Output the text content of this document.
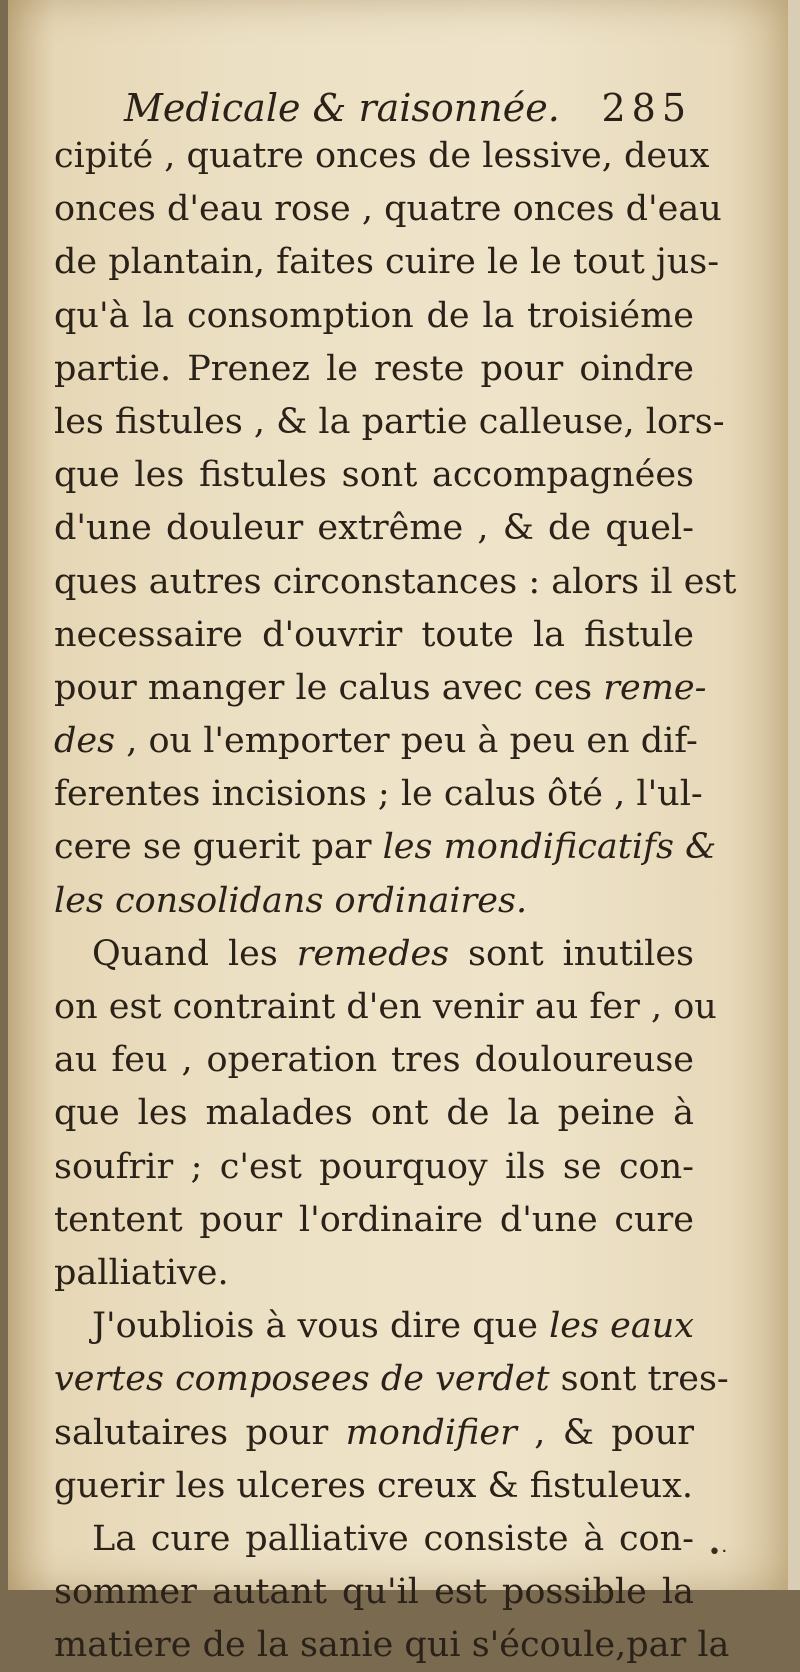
Medicale & raisonnée. 285
cipité , quatre onces de lessive, deux
onces d'eau rose , quatre onces d'eau
de plantain, faites cuire le le tout jus-
qu'à la consomption de la troisiéme
partie. Prenez le reste pour oindre
les fistules , & la partie calleuse, lors-
que les fistules sont accompagnées
d'une douleur extrême , & de quel-
ques autres circonstances : alors il est
necessaire d'ouvrir toute la fistule
pour manger le calus avec ces reme-
des , ou l'emporter peu à peu en dif-
ferentes incisions ; le calus ôté , l'ul-
cere se guerit par les mondificatifs &
les consolidans ordinaires.
Quand les remedes sont inutiles
on est contraint d'en venir au fer , ou
au feu , operation tres douloureuse
que les malades ont de la peine à
soufrir ; c'est pourquoy ils se con-
tentent pour l'ordinaire d'une cure
palliative.
J'oubliois à vous dire que les eaux
vertes composees de verdet sont tres-
salutaires pour mondifier , & pour
guerir les ulceres creux & fistuleux.
La cure palliative consiste à con-
sommer autant qu'il est possible la
matiere de la sanie qui s'écoule,par la
•ᐧ
